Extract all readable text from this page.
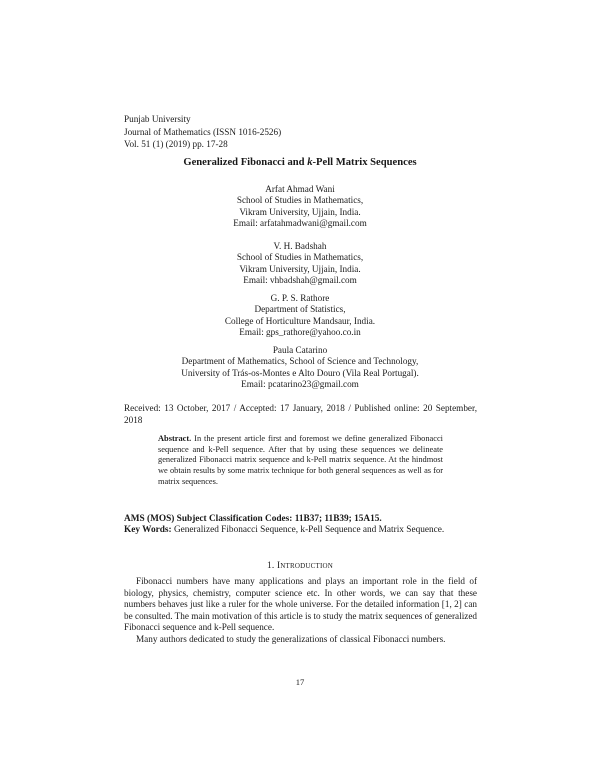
Punjab University
Journal of Mathematics (ISSN 1016-2526)
Vol. 51 (1) (2019) pp. 17-28
Generalized Fibonacci and k-Pell Matrix Sequences
Arfat Ahmad Wani
School of Studies in Mathematics,
Vikram University, Ujjain, India.
Email: arfatahmadwani@gmail.com
V. H. Badshah
School of Studies in Mathematics,
Vikram University, Ujjain, India.
Email: vhbadshah@gmail.com
G. P. S. Rathore
Department of Statistics,
College of Horticulture Mandsaur, India.
Email: gps_rathore@yahoo.co.in
Paula Catarino
Department of Mathematics, School of Science and Technology,
University of Trás-os-Montes e Alto Douro (Vila Real Portugal).
Email: pcatarino23@gmail.com
Received: 13 October, 2017 / Accepted: 17 January, 2018 / Published online: 20 September, 2018
Abstract. In the present article first and foremost we define generalized Fibonacci sequence and k-Pell sequence. After that by using these sequences we delineate generalized Fibonacci matrix sequence and k-Pell matrix sequence. At the hindmost we obtain results by some matrix technique for both general sequences as well as for matrix sequences.
AMS (MOS) Subject Classification Codes: 11B37; 11B39; 15A15.
Key Words: Generalized Fibonacci Sequence, k-Pell Sequence and Matrix Sequence.
1. Introduction

Fibonacci numbers have many applications and plays an important role in the field of biology, physics, chemistry, computer science etc. In other words, we can say that these numbers behaves just like a ruler for the whole universe. For the detailed information [1, 2] can be consulted. The main motivation of this article is to study the matrix sequences of generalized Fibonacci sequence and k-Pell sequence.

Many authors dedicated to study the generalizations of classical Fibonacci numbers.

17
